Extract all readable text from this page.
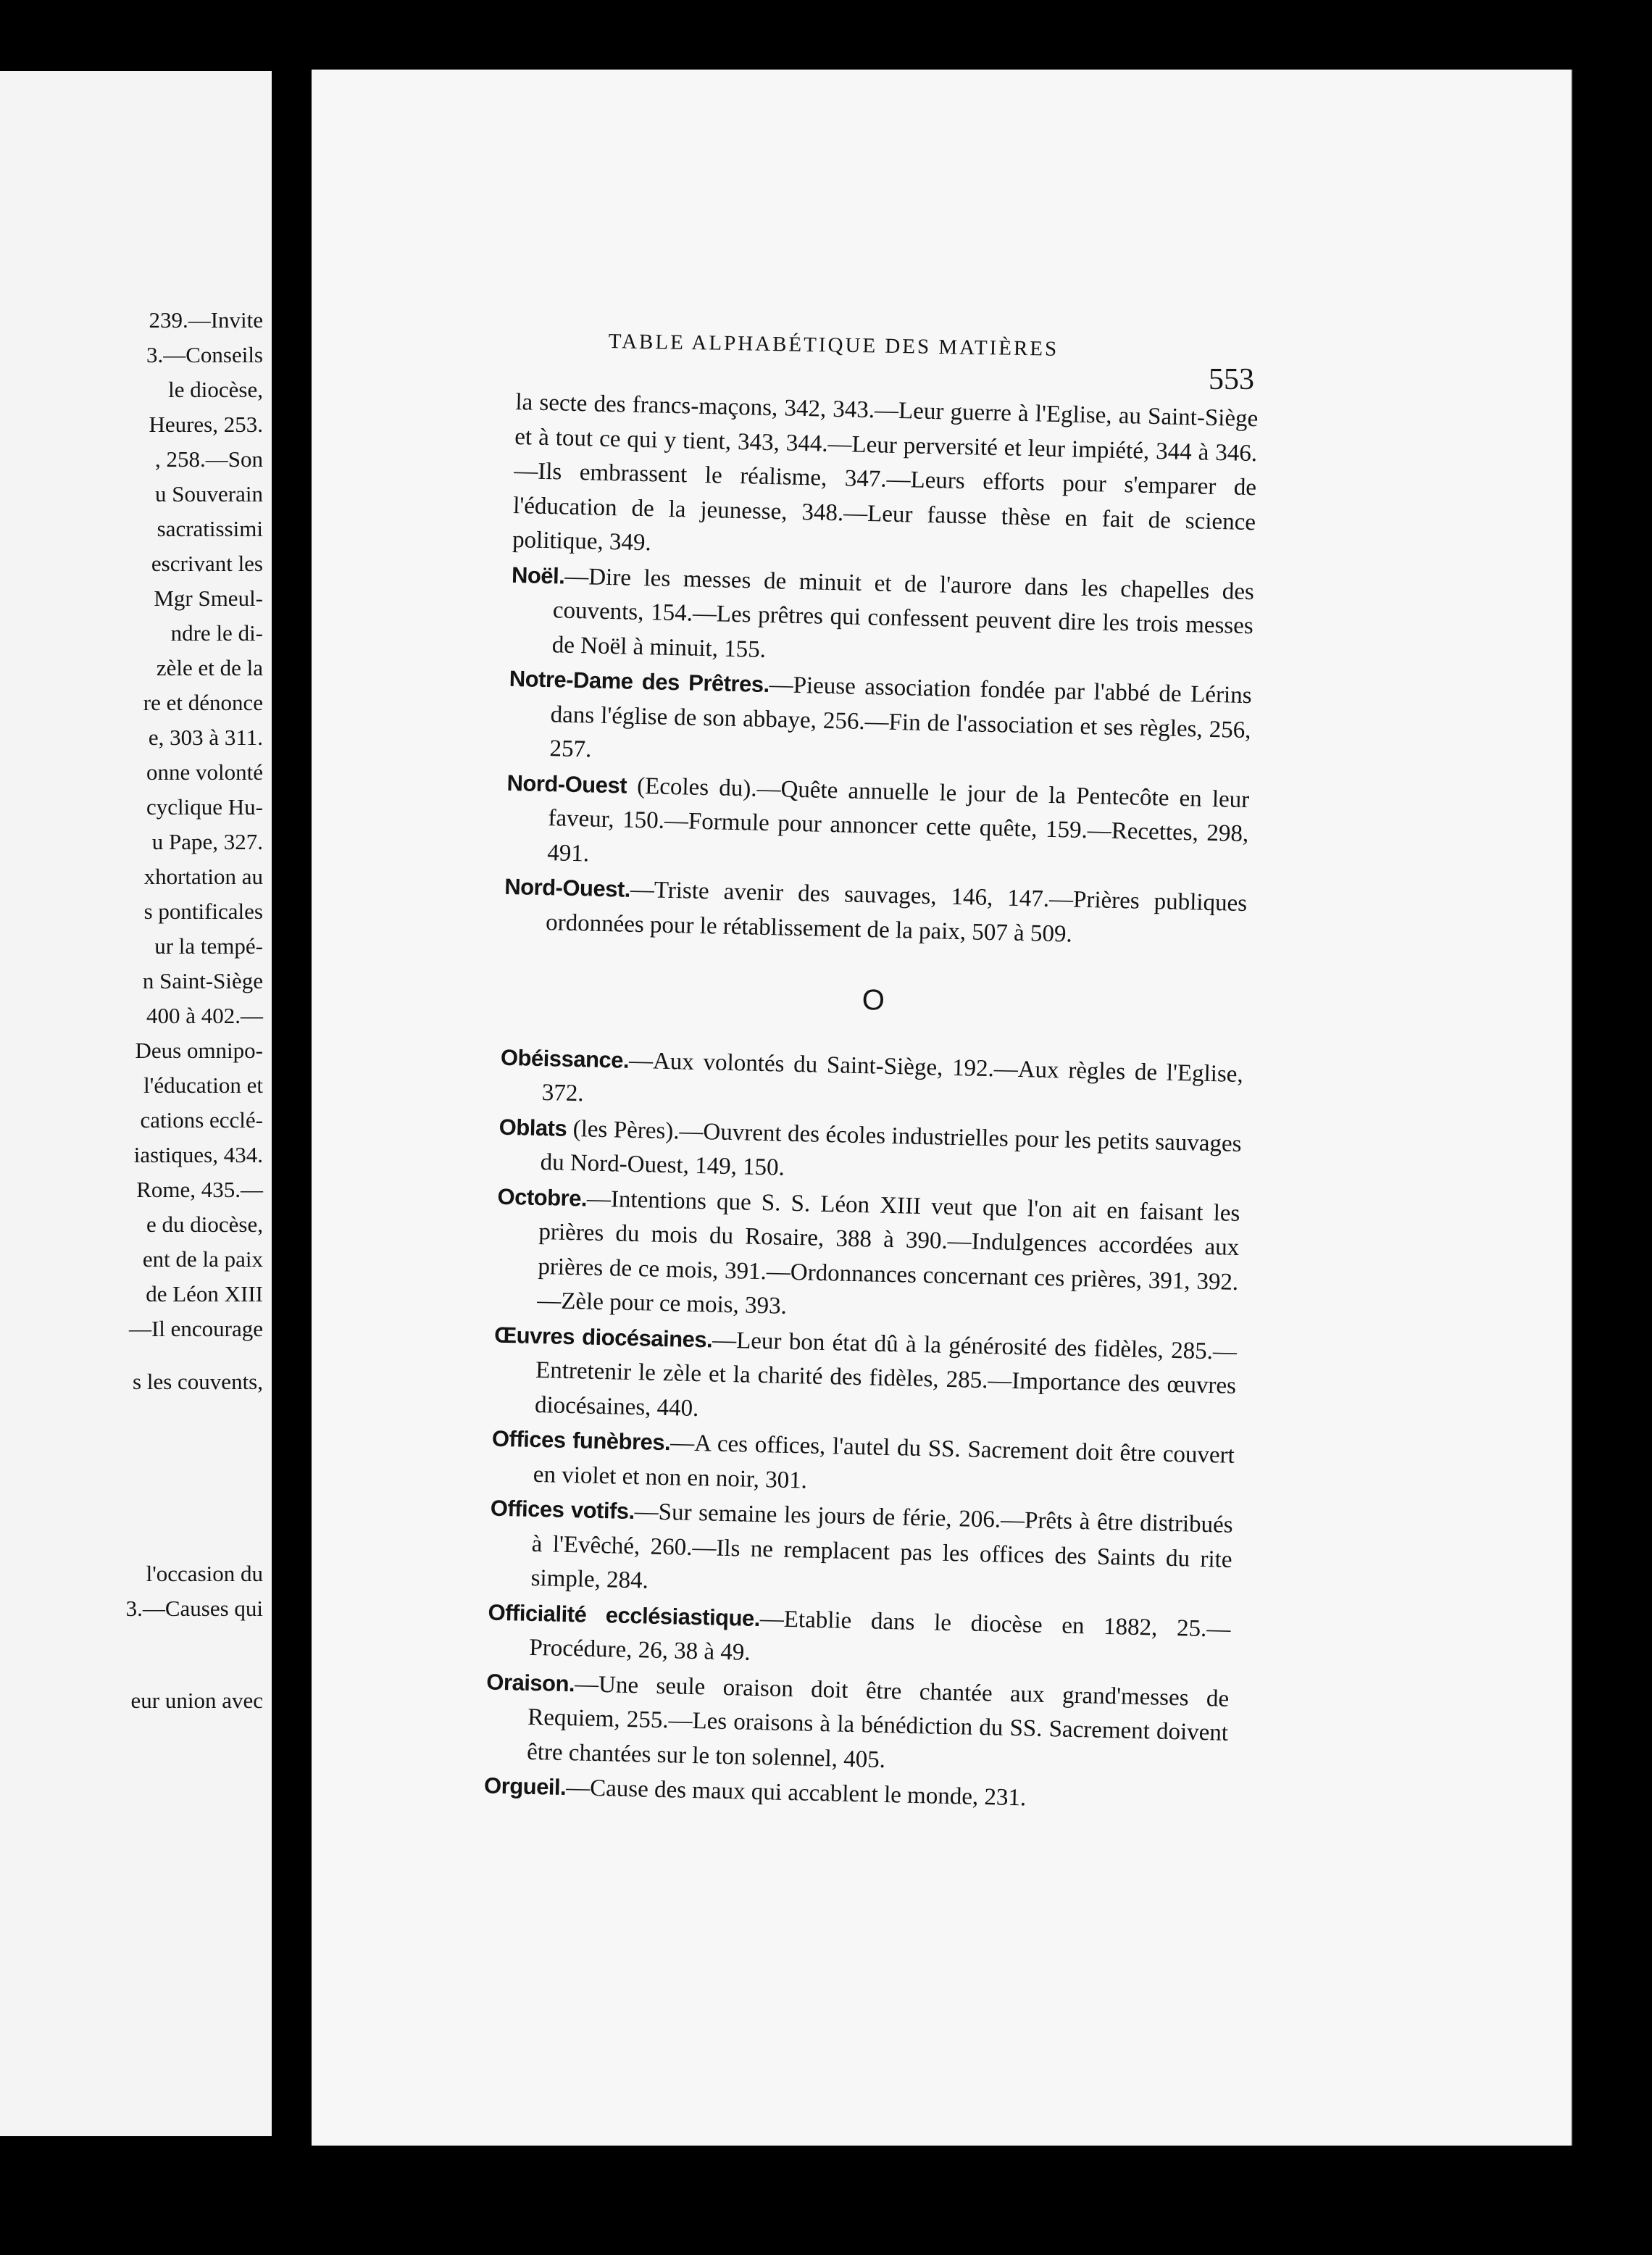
239.—Invite
3.—Conseils
le diocèse,
Heures, 253.
, 258.—Son
u Souverain
sacratissimi
escrivant les
Mgr Smeul-
ndre le di-
zèle et de la
re et dénonce
e, 303 à 311.
onne volonté
cyclique Hu-
u Pape, 327.
xhortation au
s pontificales
ur la tempé-
n Saint-Siège
400 à 402.—
Deus omnipo-
l'éducation et
cations ecclé-
iastiques, 434.
Rome, 435.—
e du diocèse,
ent de la paix
de Léon XIII
—Il encourage
s les couvents,
l'occasion du
3.—Causes qui
eur union avec
TABLE ALPHABÉTIQUE DES MATIÈRES
553

la secte des francs-maçons, 342, 343.—Leur guerre à l'Eglise, au Saint-Siège et à tout ce qui y tient, 343, 344.—Leur perversité et leur impiété, 344 à 346.—Ils embrassent le réalisme, 347.—Leurs efforts pour s'emparer de l'éducation de la jeunesse, 348.—Leur fausse thèse en fait de science politique, 349.

Noël.—Dire les messes de minuit et de l'aurore dans les chapelles des couvents, 154.—Les prêtres qui confessent peuvent dire les trois messes de Noël à minuit, 155.

Notre-Dame des Prêtres.—Pieuse association fondée par l'abbé de Lérins dans l'église de son abbaye, 256.—Fin de l'association et ses règles, 256, 257.

Nord-Ouest (Ecoles du).—Quête annuelle le jour de la Pentecôte en leur faveur, 150.—Formule pour annoncer cette quête, 159.—Recettes, 298, 491.

Nord-Ouest.—Triste avenir des sauvages, 146, 147.—Prières publiques ordonnées pour le rétablissement de la paix, 507 à 509.

O

Obéissance.—Aux volontés du Saint-Siège, 192.—Aux règles de l'Eglise, 372.

Oblats (les Pères).—Ouvrent des écoles industrielles pour les petits sauvages du Nord-Ouest, 149, 150.

Octobre.—Intentions que S. S. Léon XIII veut que l'on ait en faisant les prières du mois du Rosaire, 388 à 390.—Indulgences accordées aux prières de ce mois, 391.—Ordonnances concernant ces prières, 391, 392.—Zèle pour ce mois, 393.

Œuvres diocésaines.—Leur bon état dû à la générosité des fidèles, 285.—Entretenir le zèle et la charité des fidèles, 285.—Importance des œuvres diocésaines, 440.

Offices funèbres.—A ces offices, l'autel du SS. Sacrement doit être couvert en violet et non en noir, 301.

Offices votifs.—Sur semaine les jours de férie, 206.—Prêts à être distribués à l'Evêché, 260.—Ils ne remplacent pas les offices des Saints du rite simple, 284.

Officialité ecclésiastique.—Etablie dans le diocèse en 1882, 25.—Procédure, 26, 38 à 49.

Oraison.—Une seule oraison doit être chantée aux grand'messes de Requiem, 255.—Les oraisons à la bénédiction du SS. Sacrement doivent être chantées sur le ton solennel, 405.

Orgueil.—Cause des maux qui accablent le monde, 231.
